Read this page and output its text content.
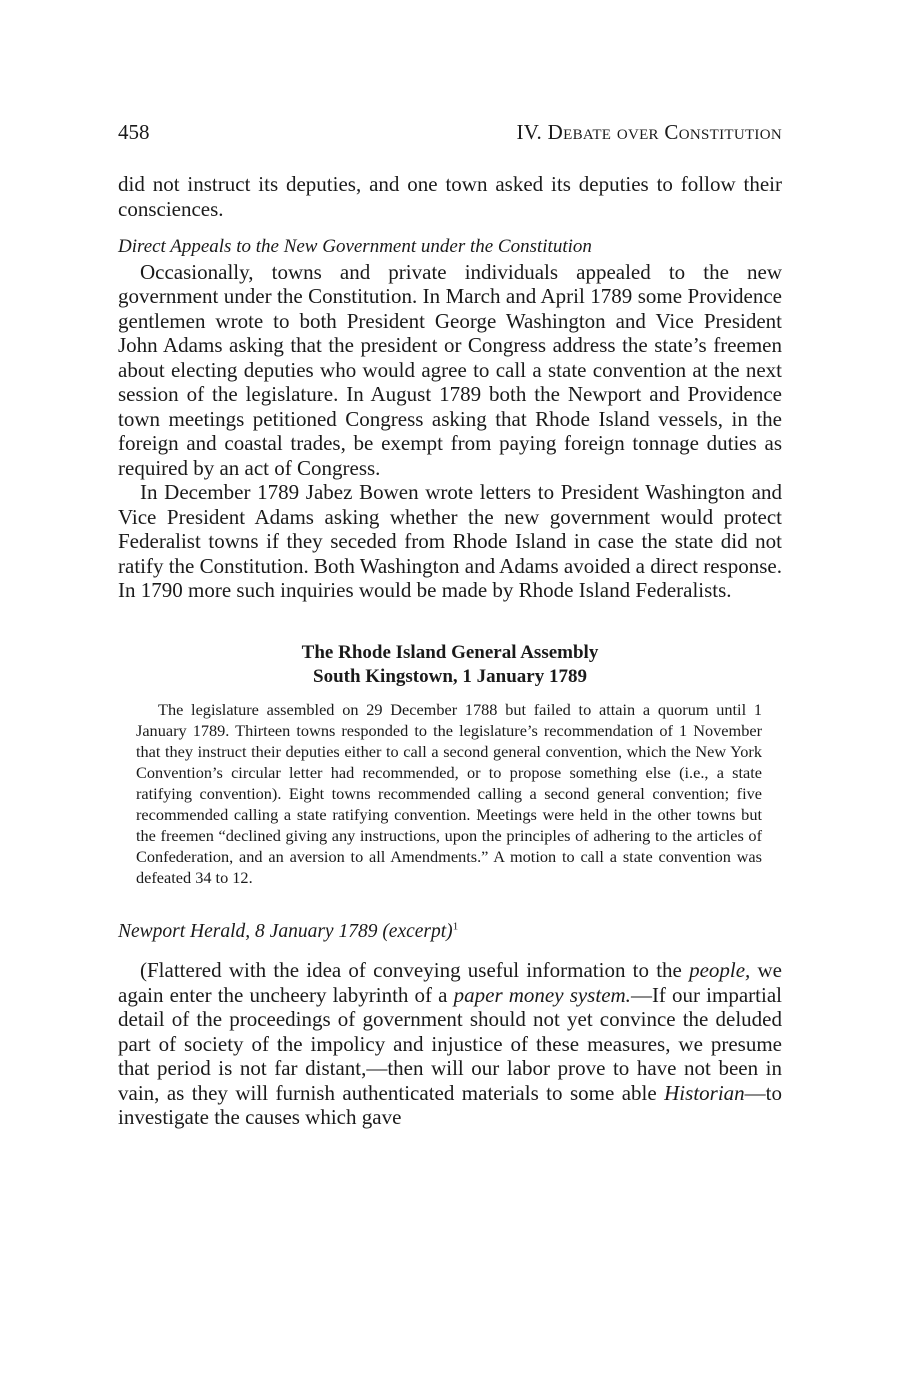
458	IV. Debate over Constitution

did not instruct its deputies, and one town asked its deputies to follow their consciences.

Direct Appeals to the New Government under the Constitution

Occasionally, towns and private individuals appealed to the new government under the Constitution. In March and April 1789 some Providence gentlemen wrote to both President George Washington and Vice President John Adams asking that the president or Congress address the state’s freemen about electing deputies who would agree to call a state convention at the next session of the legislature. In August 1789 both the Newport and Providence town meetings petitioned Congress asking that Rhode Island vessels, in the foreign and coastal trades, be exempt from paying foreign tonnage duties as required by an act of Congress.

In December 1789 Jabez Bowen wrote letters to President Washington and Vice President Adams asking whether the new government would protect Federalist towns if they seceded from Rhode Island in case the state did not ratify the Constitution. Both Washington and Adams avoided a direct response. In 1790 more such inquiries would be made by Rhode Island Federalists.

The Rhode Island General Assembly
South Kingstown, 1 January 1789

The legislature assembled on 29 December 1788 but failed to attain a quorum until 1 January 1789. Thirteen towns responded to the legislature’s recommendation of 1 November that they instruct their deputies either to call a second general convention, which the New York Convention’s circular letter had recommended, or to propose something else (i.e., a state ratifying convention). Eight towns recommended calling a second general convention; five recommended calling a state ratifying convention. Meetings were held in the other towns but the freemen “declined giving any instructions, upon the principles of adhering to the articles of Confederation, and an aversion to all Amendments.” A motion to call a state convention was defeated 34 to 12.

Newport Herald, 8 January 1789 (excerpt)$^1$

(Flattered with the idea of conveying useful information to the people, we again enter the uncheery labyrinth of a paper money system.—If our impartial detail of the proceedings of government should not yet convince the deluded part of society of the impolicy and injustice of these measures, we presume that period is not far distant,—then will our labor prove to have not been in vain, as they will furnish authenticated materials to some able Historian—to investigate the causes which gave
